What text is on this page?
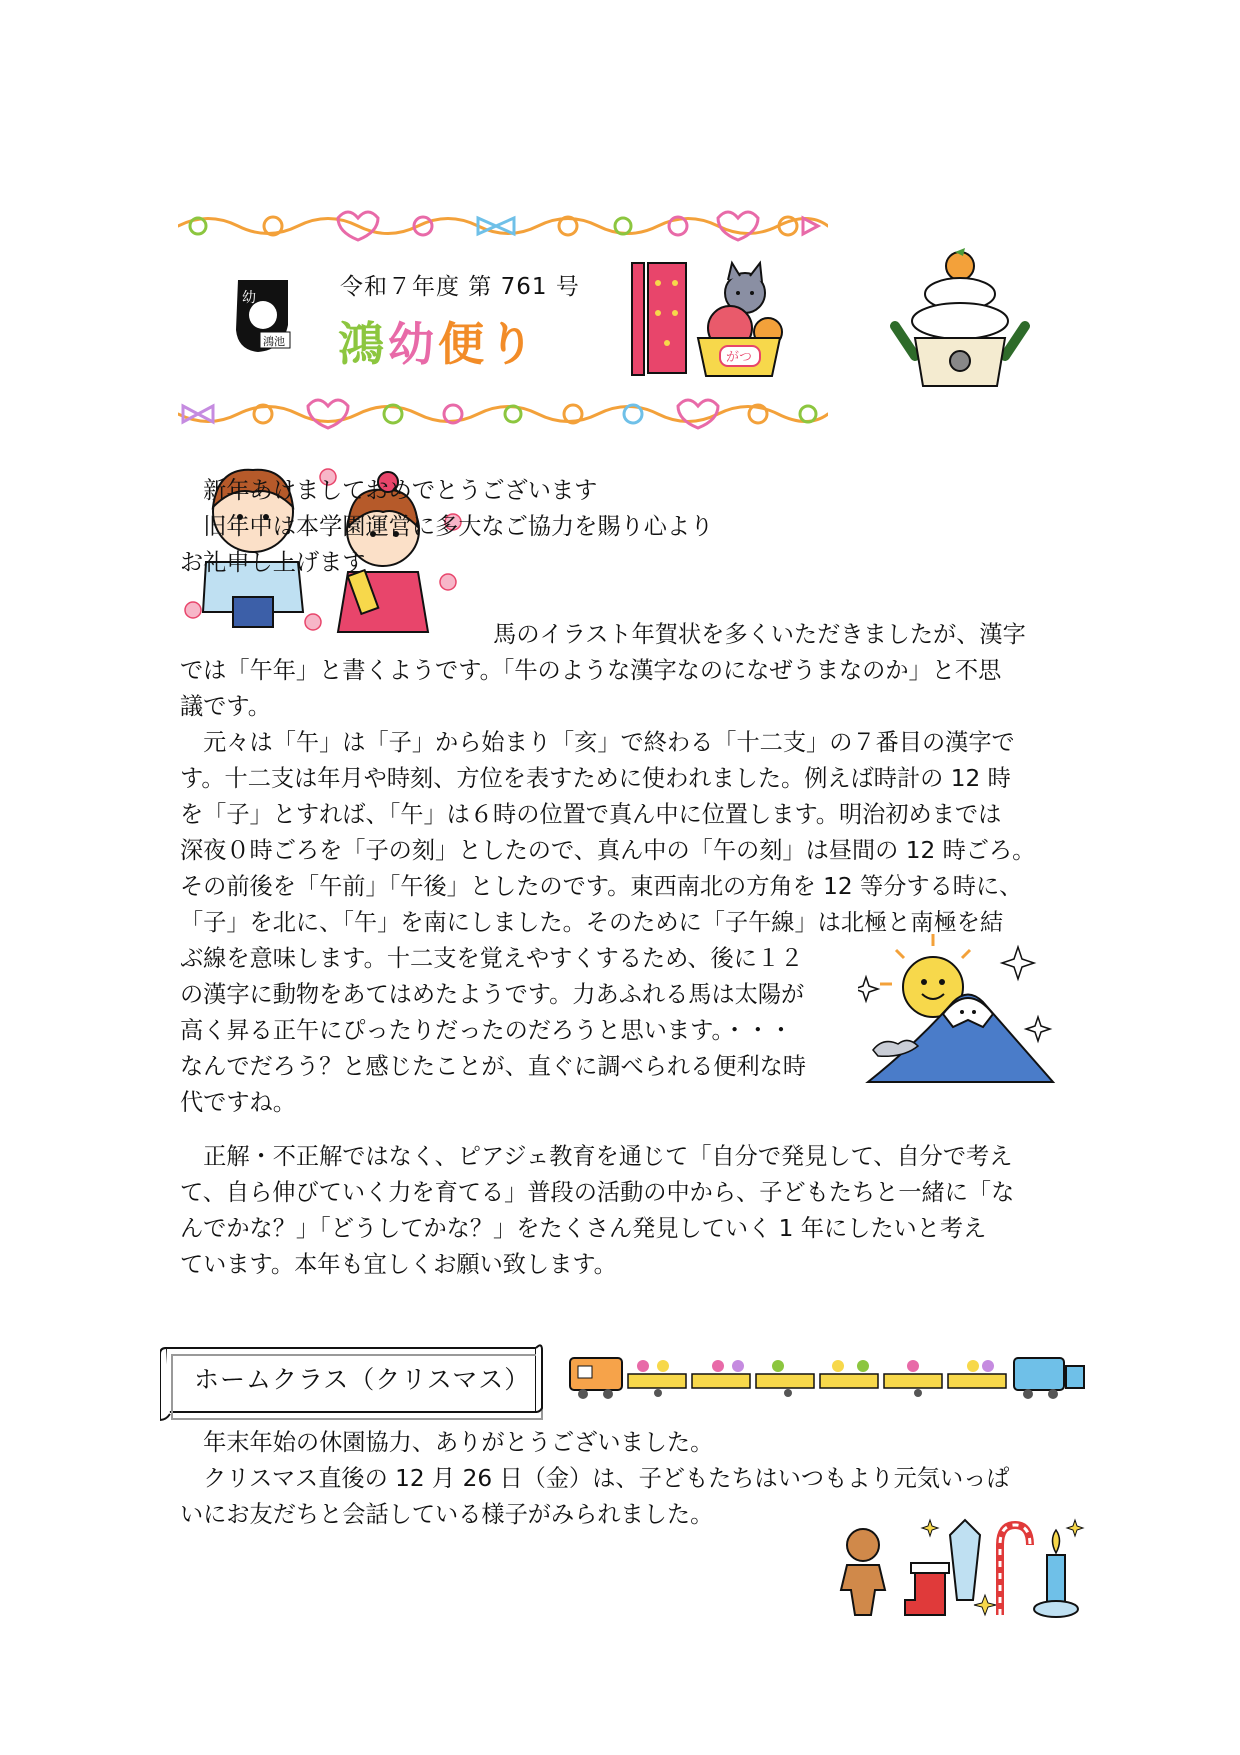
幼
鴻池
令和７年度 第 761 号
鴻幼便り	がつ
　新年あけましておめでとうございます
　旧年中は本学園運営に多大なご協力を賜り心より
お礼申し上げます
　馬のイラスト年賀状を多くいただきましたが、漢字
では「午年」と書くようです。「牛のような漢字なのになぜうまなのか」と不思
議です。
　元々は「午」は「子」から始まり「亥」で終わる「十二支」の７番目の漢字で
す。十二支は年月や時刻、方位を表すために使われました。例えば時計の 12 時
を「子」とすれば、「午」は６時の位置で真ん中に位置します。明治初めまでは
深夜０時ごろを「子の刻」としたので、真ん中の「午の刻」は昼間の 12 時ごろ。
その前後を「午前」「午後」としたのです。東西南北の方角を 12 等分する時に、
「子」を北に、「午」を南にしました。そのために「子午線」は北極と南極を結
ぶ線を意味します。十二支を覚えやすくするため、後に１２
の漢字に動物をあてはめたようです。力あふれる馬は太陽が
高く昇る正午にぴったりだったのだろうと思います。・・・
なんでだろう？と感じたことが、直ぐに調べられる便利な時
代ですね。
　正解・不正解ではなく、ピアジェ教育を通じて「自分で発見して、自分で考え
て、自ら伸びていく力を育てる」普段の活動の中から、子どもたちと一緒に「な
んでかな？」「どうしてかな？」をたくさん発見していく 1 年にしたいと考え
ています。本年も宜しくお願い致します。
ホームクラス（クリスマス）
　年末年始の休園協力、ありがとうございました。
　クリスマス直後の 12 月 26 日（金）は、子どもたちはいつもより元気いっぱ
いにお友だちと会話している様子がみられました。
